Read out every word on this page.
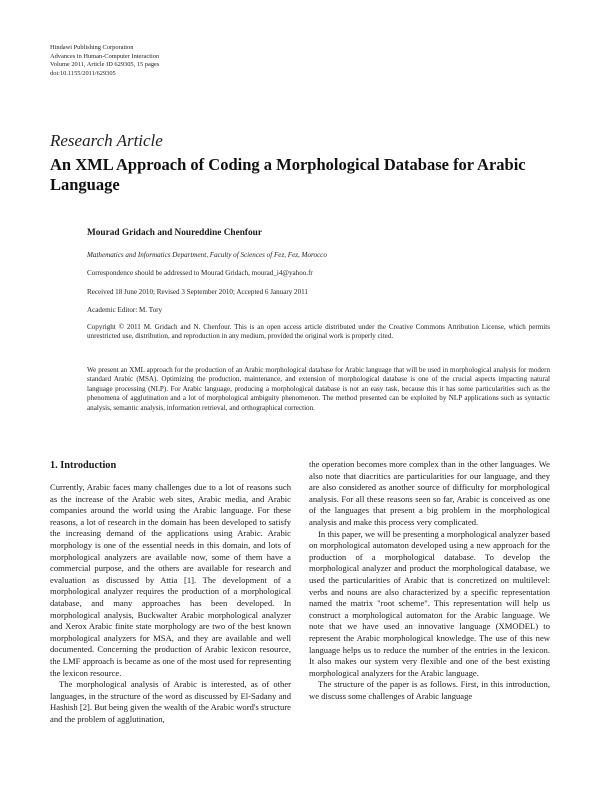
Hindawi Publishing Corporation
Advances in Human-Computer Interaction
Volume 2011, Article ID 629305, 15 pages
doi:10.1155/2011/629305
Research Article
An XML Approach of Coding a Morphological Database for Arabic Language
Mourad Gridach and Noureddine Chenfour
Mathematics and Informatics Department, Faculty of Sciences of Fez, Fez, Morocco
Correspondence should be addressed to Mourad Gridach, mourad_i4@yahoo.fr
Received 18 June 2010; Revised 3 September 2010; Accepted 6 January 2011
Academic Editor: M. Tory
Copyright © 2011 M. Gridach and N. Chenfour. This is an open access article distributed under the Creative Commons Attribution License, which permits unrestricted use, distribution, and reproduction in any medium, provided the original work is properly cited.
We present an XML approach for the production of an Arabic morphological database for Arabic language that will be used in morphological analysis for modern standard Arabic (MSA). Optimizing the production, maintenance, and extension of morphological database is one of the crucial aspects impacting natural language processing (NLP). For Arabic language, producing a morphological database is not an easy task, because this it has some particularities such as the phenomena of agglutination and a lot of morphological ambiguity phenomenon. The method presented can be exploited by NLP applications such as syntactic analysis, semantic analysis, information retrieval, and orthographical correction.
1. Introduction

Currently, Arabic faces many challenges due to a lot of reasons such as the increase of the Arabic web sites, Arabic media, and Arabic companies around the world using the Arabic language. For these reasons, a lot of research in the domain has been developed to satisfy the increasing demand of the applications using Arabic. Arabic morphology is one of the essential needs in this domain, and lots of morphological analyzers are available now, some of them have a commercial purpose, and the others are available for research and evaluation as discussed by Attia [1]. The development of a morphological analyzer requires the production of a morphological database, and many approaches has been developed. In morphological analysis, Buckwalter Arabic morphological analyzer and Xerox Arabic finite state morphology are two of the best known morphological analyzers for MSA, and they are available and well documented. Concerning the production of Arabic lexicon resource, the LMF approach is became as one of the most used for representing the lexicon resource.

The morphological analysis of Arabic is interested, as of other languages, in the structure of the word as discussed by El-Sadany and Hashish [2]. But being given the wealth of the Arabic word's structure and the problem of agglutination,

the operation becomes more complex than in the other languages. We also note that diacritics are particularities for our language, and they are also considered as another source of difficulty for morphological analysis. For all these reasons seen so far, Arabic is conceived as one of the languages that present a big problem in the morphological analysis and make this process very complicated.

In this paper, we will be presenting a morphological analyzer based on morphological automaton developed using a new approach for the production of a morphological database. To develop the morphological analyzer and product the morphological database, we used the particularities of Arabic that is concretized on multilevel: verbs and nouns are also characterized by a specific representation named the matrix "root scheme". This representation will help us construct a morphological automaton for the Arabic language. We note that we have used an innovative language (XMODEL) to represent the Arabic morphological knowledge. The use of this new language helps us to reduce the number of the entries in the lexicon. It also makes our system very flexible and one of the best existing morphological analyzers for the Arabic language.

The structure of the paper is as follows. First, in this introduction, we discuss some challenges of Arabic language
